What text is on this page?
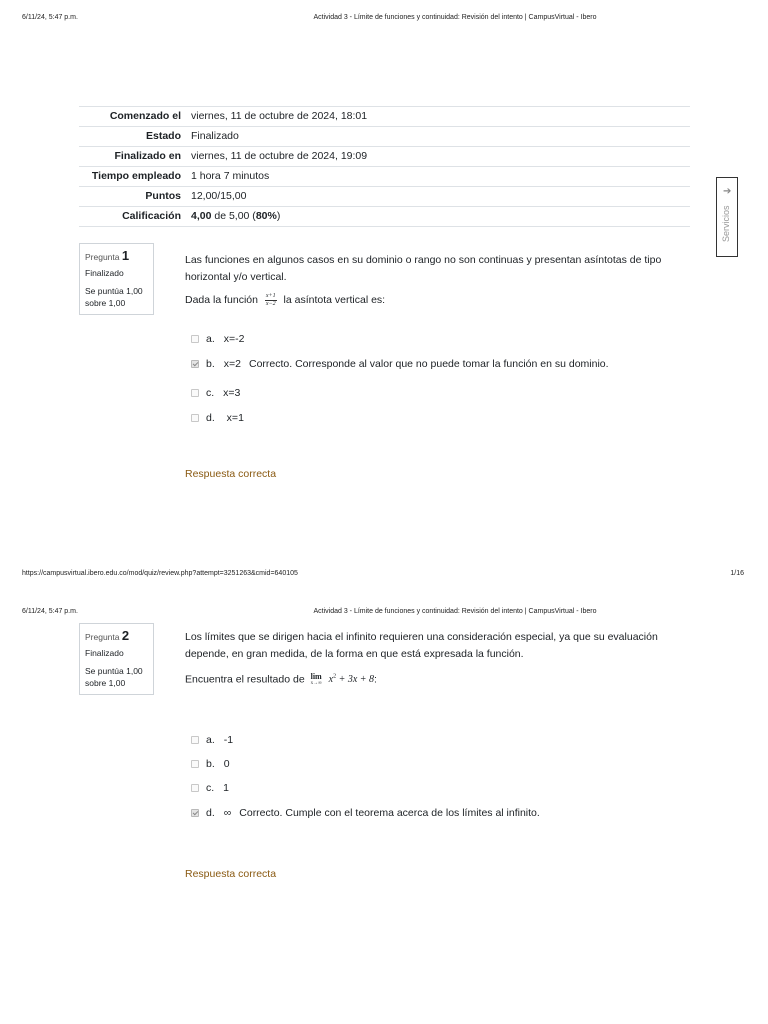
6/11/24, 5:47 p.m.	Actividad 3 - Límite de funciones y continuidad: Revisión del intento | CampusVirtual - Ibero
Comenzado el viernes, 11 de octubre de 2024, 18:01
Estado Finalizado
Finalizado en viernes, 11 de octubre de 2024, 19:09
Tiempo empleado 1 hora 7 minutos
Puntos 12,00/15,00
Calificación 4,00 de 5,00 (80%)
➔
Servicios
Pregunta 1
Finalizado
Se puntúa 1,00 sobre 1,00

Las funciones en algunos casos en su dominio o rango no son continuas y presentan asíntotas de tipo horizontal y/o vertical.

Dada la función $\frac{x+1}{x-2}$ la asíntota vertical es:

a. x=-2
b. x=2 Correcto. Corresponde al valor que no puede tomar la función en su dominio.
c. x=3
d. x=1
Respuesta correcta
https://campusvirtual.ibero.edu.co/mod/quiz/review.php?attempt=3251263&cmid=640105	1/16
6/11/24, 5:47 p.m.	Actividad 3 - Límite de funciones y continuidad: Revisión del intento | CampusVirtual - Ibero
Pregunta 2
Finalizado
Se puntúa 1,00 sobre 1,00

Los límites que se dirigen hacia el infinito requieren una consideración especial, ya que su evaluación depende, en gran medida, de la forma en que está expresada la función.

Encuentra el resultado de lim
x→∞ $x^2 + 3x + 8$:

a. -1
b. 0
c. 1
d. ∞ Correcto. Cumple con el teorema acerca de los límites al infinito.
Respuesta correcta
